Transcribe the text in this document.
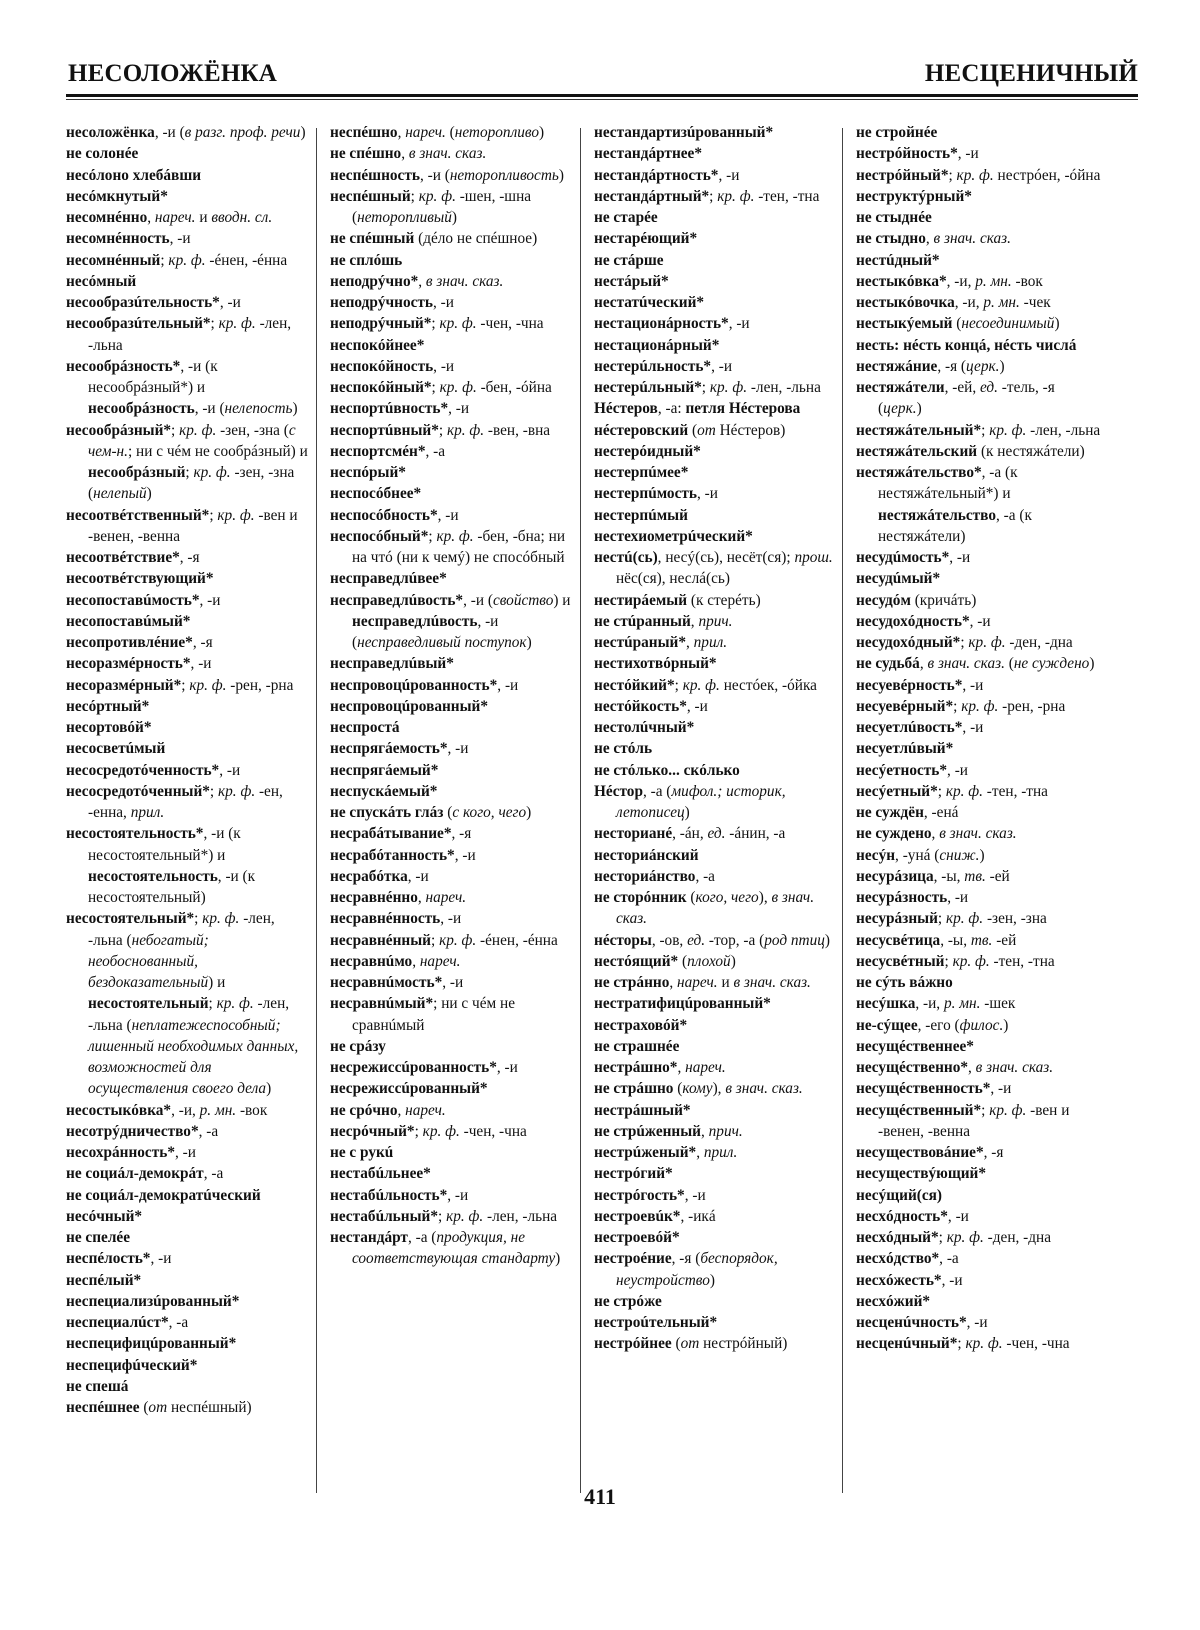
НЕСОЛОЖЁНКА	НЕСЦЕНИЧНЫЙ

несоложёнка, -и (в разг. проф. речи)

не солонée

несóлоно хлебáвши

несóмкнутый*

несомнéнно, нареч. и вводн. сл.

несомнéнность, -и

несомнéнный; кр. ф. -éнен, -éнна

несóмный

несообразúтельность*, -и

несообразúтельный*; кр. ф. -лен, -льна

несообрáзность*, -и (к несообрáзный*) и несообрáзность, -и (нелепость)

несообрáзный*; кр. ф. -зен, -зна (с чем-н.; ни с чéм не сообрáзный) и несообрáзный; кр. ф. -зен, -зна (нелепый)

несоотвéтственный*; кр. ф. -вен и -венен, -венна

несоотвéтствие*, -я

несоотвéтствующий*

несопоставúмость*, -и

несопоставúмый*

несопротивлéние*, -я

несоразмéрность*, -и

несоразмéрный*; кр. ф. -рен, -рна

несóртный*

несортовóй*

несосветúмый

несосредотóченность*, -и

несосредотóченный*; кр. ф. -ен, -енна, прил.

несостоятельность*, -и (к несостоятельный*) и несостоятельность, -и (к несостоятельный)

несостоятельный*; кр. ф. -лен, -льна (небогатый; необоснованный, бездоказательный) и несостоятельный; кр. ф. -лен, -льна (неплатежеспособный; лишенный необходимых данных, возможностей для осуществления своего дела)

несостыкóвка*, -и, р. мн. -вок

несотрýдничество*, -а

несохрáнность*, -и

не социáл-демокрáт, -а

не социáл-демократúческий

несóчный*

не спелéе

неспéлость*, -и

неспéлый*

неспециализúрованный*

неспециалúст*, -а

неспецифицúрованный*

неспецифúческий*

не спешá

неспéшнее (от неспéшный)

неспéшно, нареч. (неторопливо)

не спéшно, в знач. сказ.

неспéшность, -и (неторопливость)

неспéшный; кр. ф. -шен, -шна (неторопливый)

не спéшный (дéло не спéшное)

не сплóшь

неподрýчно*, в знач. сказ.

неподрýчность, -и

неподрýчный*; кр. ф. -чен, -чна

неспокóйнее*

неспокóйность, -и

неспокóйный*; кр. ф. -бен, -óйна

неспортúвность*, -и

неспортúвный*; кр. ф. -вен, -вна

неспортсмéн*, -а

неспóрый*

неспосóбнее*

неспосóбность*, -и

неспосóбный*; кр. ф. -бен, -бна; ни на чтó (ни к чемý) не спосóбный

несправедлúвее*

несправедлúвость*, -и (свойство) и несправедлúвость, -и (несправедливый поступок)

несправедлúвый*

неспровоцúрованность*, -и

неспровоцúрованный*

неспростá

неспрягáемость*, -и

неспрягáемый*

неспускáемый*

не спускáть глáз (с кого, чего)

несрабáтывание*, -я

несрабóтанность*, -и

несрабóтка, -и

несравнéнно, нареч.

несравнéнность, -и

несравнéнный; кр. ф. -éнен, -éнна

несравнúмо, нареч.

несравнúмость*, -и

несравнúмый*; ни с чéм не сравнúмый

не срáзу

несрежиссúрованность*, -и

несрежиссúрованный*

не срóчно, нареч.

несрóчный*; кр. ф. -чен, -чна

не с рукú

нестабúльнее*

нестабúльность*, -и

нестабúльный*; кр. ф. -лен, -льна

нестандáрт, -а (продукция, не соответствующая стандарту)

нестандартизúрованный*

нестандáртнее*

нестандáртность*, -и

нестандáртный*; кр. ф. -тен, -тна

не старée

нестарéющий*

не стáрше

нестáрый*

нестатúческий*

нестационáрность*, -и

нестационáрный*

нестерúльность*, -и

нестерúльный*; кр. ф. -лен, -льна

Нéстеров, -а: петля Нéстерова

нéстеровский (от Нéстеров)

нестерóидный*

нестерпúмее*

нестерпúмость, -и

нестерпúмый

нестехиометрúческий*

нестú(сь), несý(сь), несёт(ся); прош. нёс(ся), неслá(сь)

нестирáемый (к стерéть)

не стúранный, прич.

нестúраный*, прил.

нестихотвóрный*

нестóйкий*; кр. ф. нестóек, -óйка

нестóйкость*, -и

нестолúчный*

не стóль

не стóлько... скóлько

Нéстор, -а (мифол.; историк, летописец)

несторианé, -áн, ед. -áнин, -а

несториáнский

несториáнство, -а

не сторóнник (кого, чего), в знач. сказ.

нéсторы, -ов, ед. -тор, -а (род птиц)

нестóящий* (плохой)

не стрáнно, нареч. и в знач. сказ.

нестратифицúрованный*

нестраховóй*

не страшнée

нестрáшно*, нареч.

не стрáшно (кому), в знач. сказ.

нестрáшный*

не стрúженный, прич.

нестрúженый*, прил.

нестрóгий*

нестрóгость*, -и

нестроевúк*, -икá

нестроевóй*

нестроéние, -я (беспорядок, неустройство)

не стрóже

нестроúтельный*

нестрóйнее (от нестрóйный)

не стройнée

нестрóйность*, -и

нестрóйный*; кр. ф. нестрóен, -óйна

неструктýрный*

не стыднée

не стыдно, в знач. сказ.

нестúдный*

нестыкóвка*, -и, р. мн. -вок

нестыкóвочка, -и, р. мн. -чек

нестыкýемый (несоединимый)

несть: нéсть концá, нéсть числá

нестяжáние, -я (церк.)

нестяжáтели, -ей, ед. -тель, -я (церк.)

нестяжáтельный*; кр. ф. -лен, -льна

нестяжáтельский (к нестяжáтели)

нестяжáтельство*, -а (к нестяжáтельный*) и нестяжáтельство, -а (к нестяжáтели)

несудúмость*, -и

несудúмый*

несудóм (кричáть)

несудохóдность*, -и

несудохóдный*; кр. ф. -ден, -дна

не судьбá, в знач. сказ. (не суждено)

несуевéрность*, -и

несуевéрный*; кр. ф. -рен, -рна

несуетлúвость*, -и

несуетлúвый*

несýетность*, -и

несýетный*; кр. ф. -тен, -тна

не суждён, -енá

не суждено, в знач. сказ.

несýн, -унá (сниж.)

несурáзица, -ы, тв. -ей

несурáзность, -и

несурáзный; кр. ф. -зен, -зна

несусвéтица, -ы, тв. -ей

несусвéтный; кр. ф. -тен, -тна

не сýть вáжно

несýшка, -и, р. мн. -шек

не-сýщее, -его (филос.)

несущéственнее*

несущéственно*, в знач. сказ.

несущéственность*, -и

несущéственный*; кр. ф. -вен и -венен, -венна

несуществовáние*, -я

несуществýющий*

несýщий(ся)

несхóдность*, -и

несхóдный*; кр. ф. -ден, -дна

несхóдство*, -а

несхóжесть*, -и

несхóжий*

несценúчность*, -и

несценúчный*; кр. ф. -чен, -чна

411
